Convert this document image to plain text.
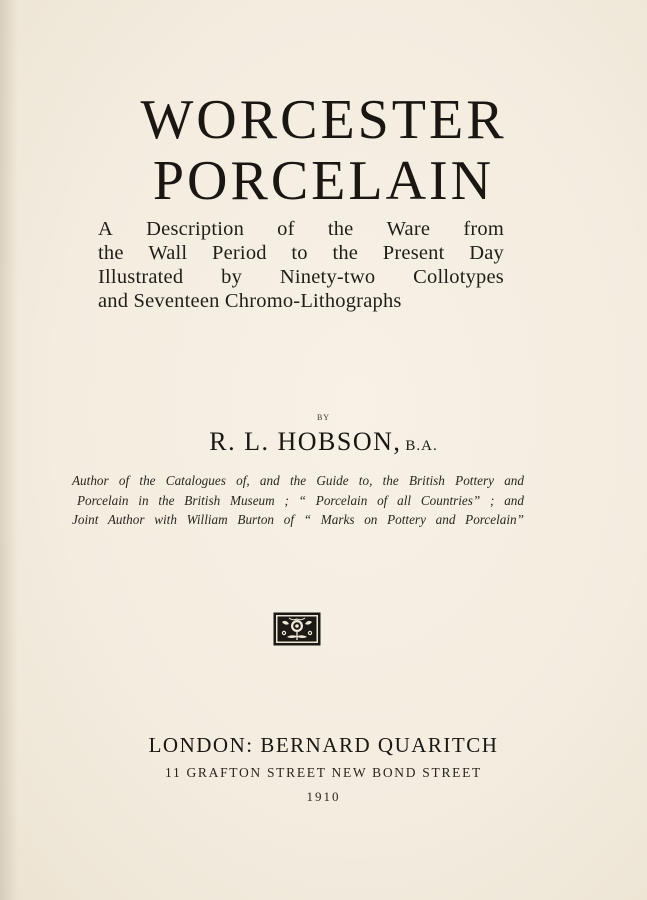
WORCESTER
PORCELAIN
A Description of the Ware from
the Wall Period to the Present Day
Illustrated by Ninety-two Collotypes
and Seventeen Chromo-Lithographs
BY
R. L. HOBSON, B.A.
Author of the Catalogues of, and the Guide to, the British Pottery and
Porcelain in the British Museum ; “ Porcelain of all Countries” ; and
Joint Author with William Burton of “ Marks on Pottery and Porcelain”
LONDON: BERNARD QUARITCH
11 GRAFTON STREET NEW BOND STREET
1910
